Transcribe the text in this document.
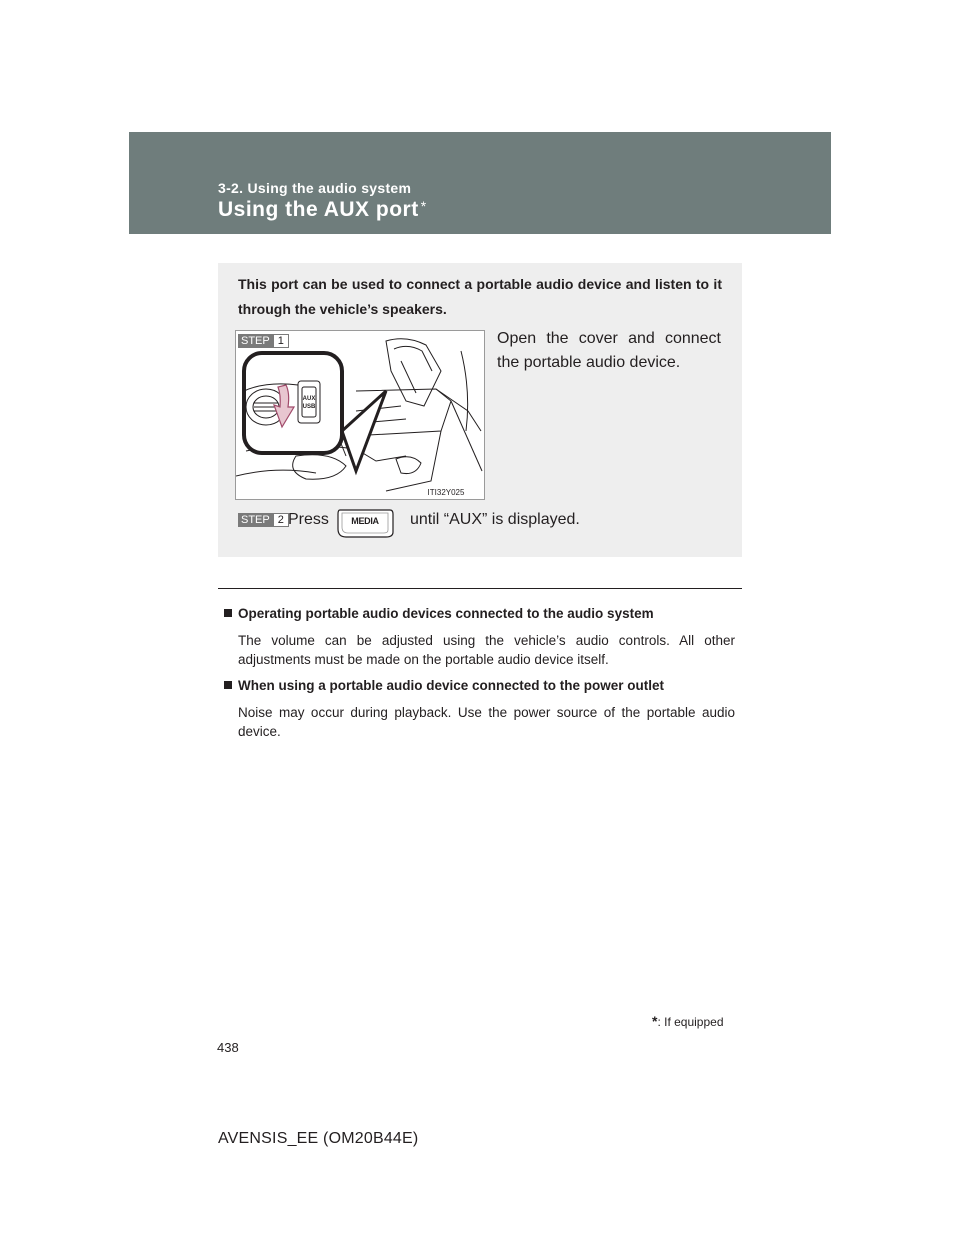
3-2. Using the audio system
Using the AUX port *
This port can be used to connect a portable audio device and listen to it through the vehicle’s speakers.
AUX
USB
ITI32Y025
STEP 1	Open the cover and connect the portable audio device.
STEP 2 Press	MEDIA	until “AUX” is displayed.
Operating portable audio devices connected to the audio system
The volume can be adjusted using the vehicle’s audio controls. All other adjustments must be made on the portable audio device itself.
When using a portable audio device connected to the power outlet
Noise may occur during playback. Use the power source of the portable audio device.
*: If equipped
438
AVENSIS_EE (OM20B44E)
